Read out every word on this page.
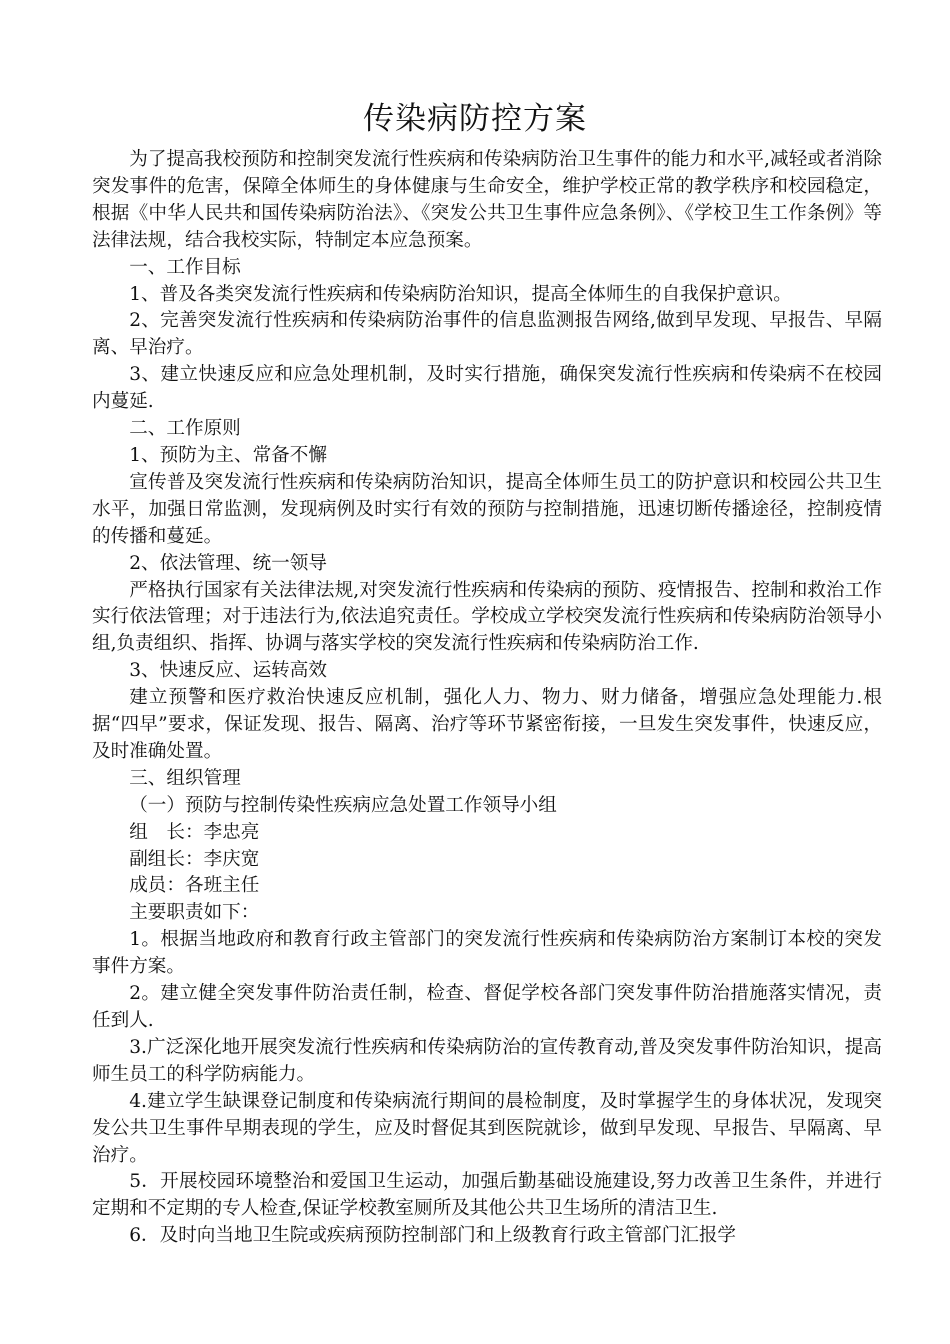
传染病防控方案

为了提高我校预防和控制突发流行性疾病和传染病防治卫生事件的能力和水平,减轻或者消除突发事件的危害，保障全体师生的身体健康与生命安全，维护学校正常的教学秩序和校园稳定，根据《中华人民共和国传染病防治法》、《突发公共卫生事件应急条例》、《学校卫生工作条例》等法律法规，结合我校实际，特制定本应急预案。

一、工作目标

1、普及各类突发流行性疾病和传染病防治知识，提高全体师生的自我保护意识。

2、完善突发流行性疾病和传染病防治事件的信息监测报告网络,做到早发现、早报告、早隔离、早治疗。

3、建立快速反应和应急处理机制，及时实行措施，确保突发流行性疾病和传染病不在校园内蔓延.

二、工作原则

1、预防为主、常备不懈

宣传普及突发流行性疾病和传染病防治知识，提高全体师生员工的防护意识和校园公共卫生水平，加强日常监测，发现病例及时实行有效的预防与控制措施，迅速切断传播途径，控制疫情的传播和蔓延。

2、依法管理、统一领导

严格执行国家有关法律法规,对突发流行性疾病和传染病的预防、疫情报告、控制和救治工作实行依法管理；对于违法行为,依法追究责任。学校成立学校突发流行性疾病和传染病防治领导小组,负责组织、指挥、协调与落实学校的突发流行性疾病和传染病防治工作.

3、快速反应、运转高效

建立预警和医疗救治快速反应机制，强化人力、物力、财力储备，增强应急处理能力.根据“四早”要求，保证发现、报告、隔离、治疗等环节紧密衔接，一旦发生突发事件，快速反应，及时准确处置。

三、组织管理

（一）预防与控制传染性疾病应急处置工作领导小组

组　长：李忠亮

副组长：李庆宽

成员：各班主任

主要职责如下：

1。根据当地政府和教育行政主管部门的突发流行性疾病和传染病防治方案制订本校的突发事件方案。

2。建立健全突发事件防治责任制，检查、督促学校各部门突发事件防治措施落实情况，责任到人.

3.广泛深化地开展突发流行性疾病和传染病防治的宣传教育动,普及突发事件防治知识，提高师生员工的科学防病能力。

4.建立学生缺课登记制度和传染病流行期间的晨检制度，及时掌握学生的身体状况，发现突发公共卫生事件早期表现的学生，应及时督促其到医院就诊，做到早发现、早报告、早隔离、早治疗。

5．开展校园环境整治和爱国卫生运动，加强后勤基础设施建设,努力改善卫生条件，并进行定期和不定期的专人检查,保证学校教室厕所及其他公共卫生场所的清洁卫生.

6．及时向当地卫生院或疾病预防控制部门和上级教育行政主管部门汇报学
